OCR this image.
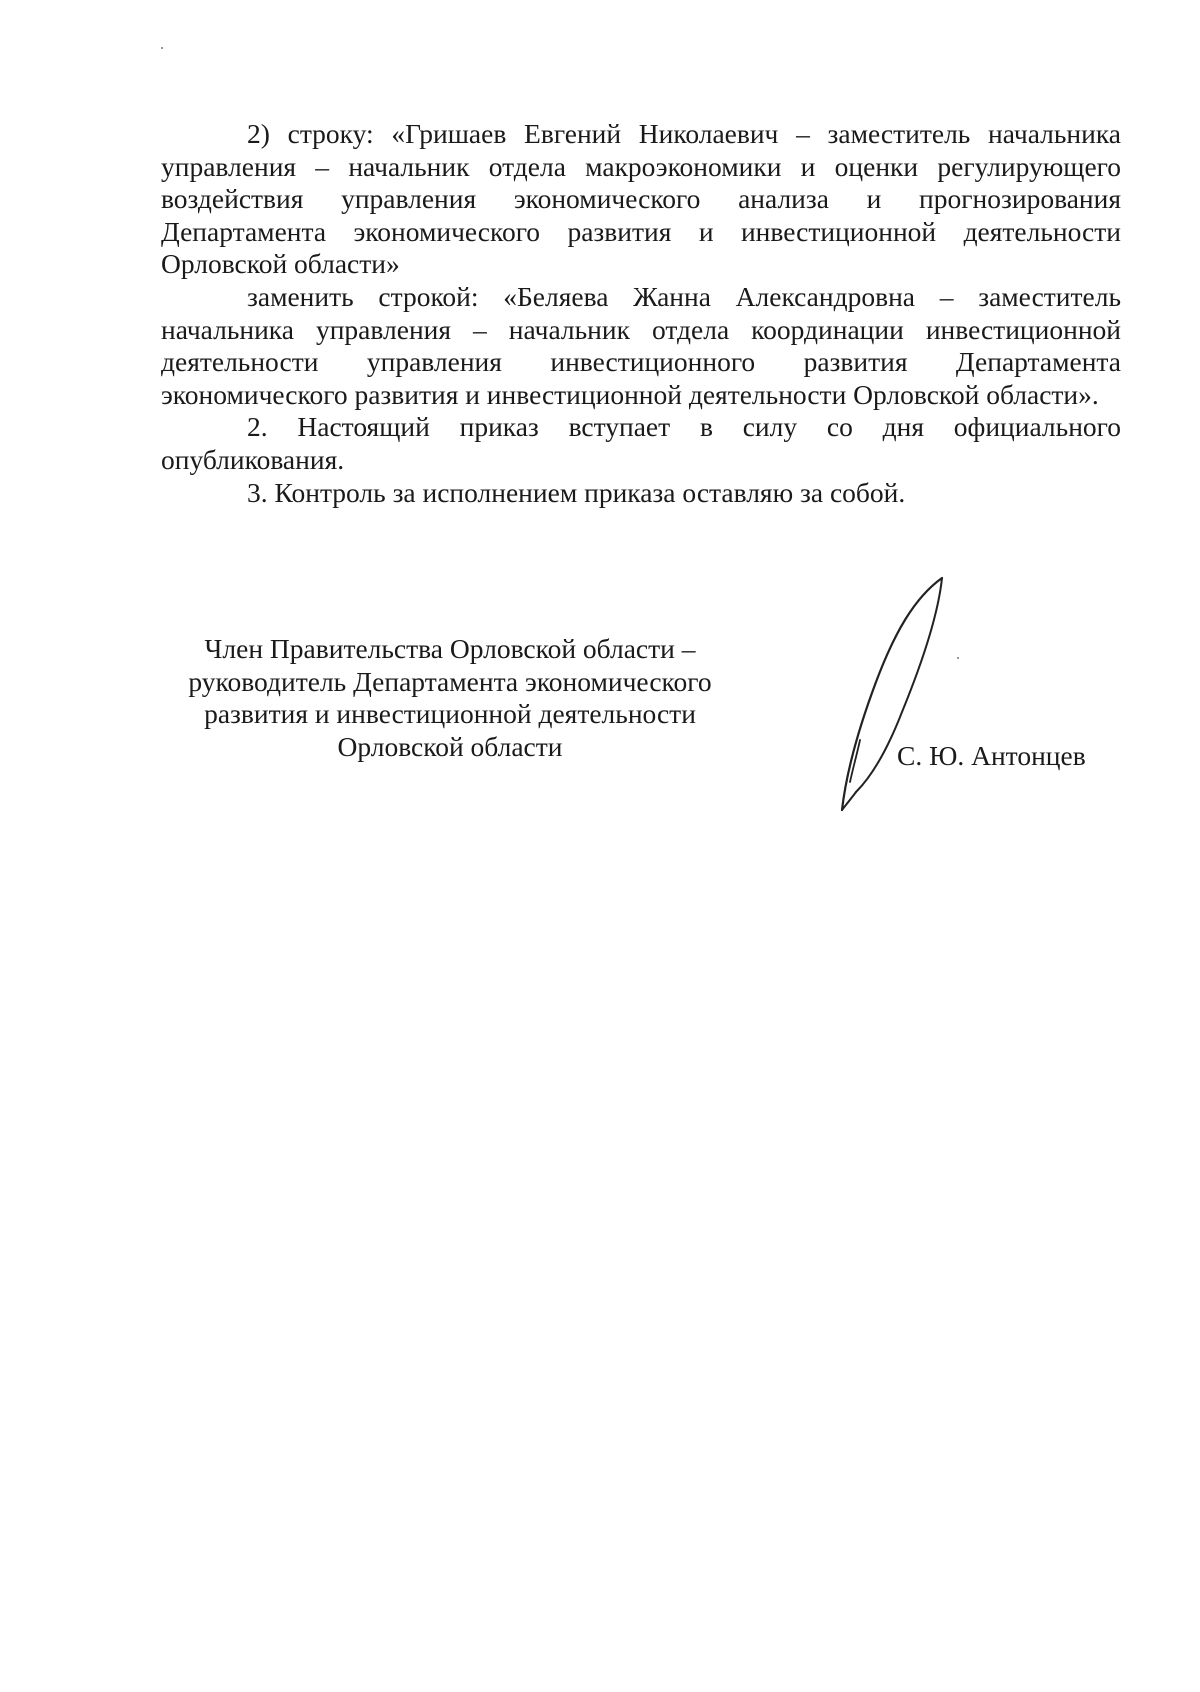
2) строку: «Гришаев Евгений Николаевич – заместитель начальника управления – начальник отдела макроэкономики и оценки регулирующего воздействия управления экономического анализа и прогнозирования Департамента экономического развития и инвестиционной деятельности Орловской области»

заменить строкой: «Беляева Жанна Александровна – заместитель начальника управления – начальник отдела координации инвестиционной деятельности управления инвестиционного развития Департамента экономического развития и инвестиционной деятельности Орловской области».

2. Настоящий приказ вступает в силу со дня официального опубликования.

3. Контроль за исполнением приказа оставляю за собой.

Член Правительства Орловской области –
руководитель Департамента экономического
развития и инвестиционной деятельности
Орловской области	С. Ю. Антонцев
